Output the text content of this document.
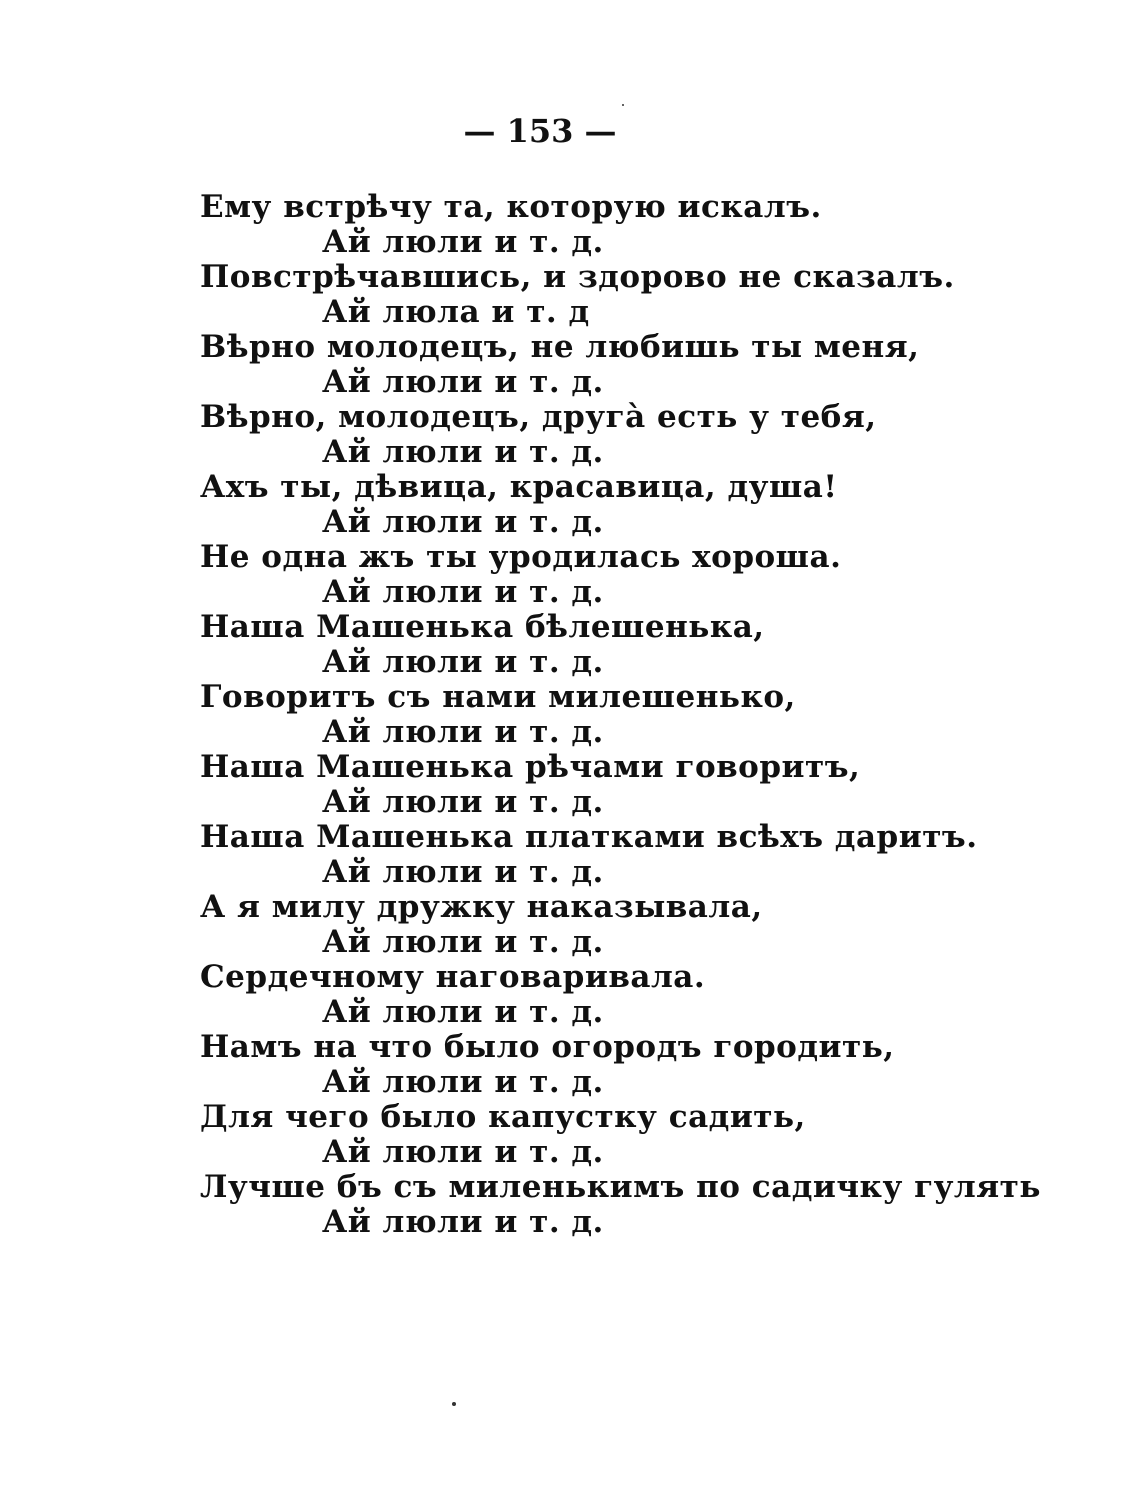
— 153 —
Ему встрѣчу та, которую искалъ.
Ай люли и т. д.
Повстрѣчавшись, и здорово не сказалъ.
Ай люла и т. д
Вѣрно молодецъ, не любишь ты меня,
Ай люли и т. д.
Вѣрно, молодецъ, друга̀ есть у тебя,
Ай люли и т. д.
Ахъ ты, дѣвица, красавица, душа!
Ай люли и т. д.
Не одна жъ ты уродилась хороша.
Ай люли и т. д.
Наша Машенька бѣлешенька,
Ай люли и т. д.
Говоритъ съ нами милешенько,
Ай люли и т. д.
Наша Машенька рѣчами говоритъ,
Ай люли и т. д.
Наша Машенька платками всѣхъ даритъ.
Ай люли и т. д.
А я милу дружку наказывала,
Ай люли и т. д.
Сердечному наговаривала.
Ай люли и т. д.
Намъ на что было огородъ городить,
Ай люли и т. д.
Для чего было капустку садить,
Ай люли и т. д.
Лучше бъ съ миленькимъ по садичку гулять
Ай люли и т. д.
